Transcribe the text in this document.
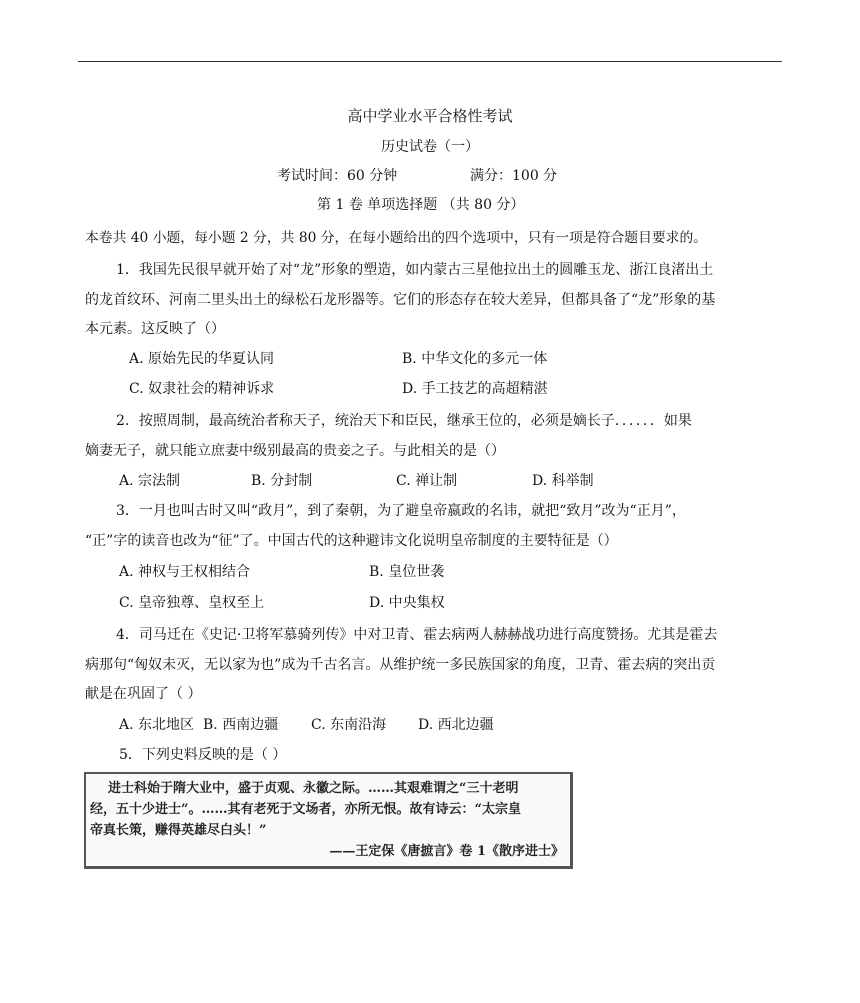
高中学业水平合格性考试
历史试卷（一）
考试时间：60 分钟	满分：100 分
第 1 卷 单项选择题 （共 80 分）
本卷共 40 小题，每小题 2 分，共 80 分，在每小题给出的四个选项中，只有一项是符合题目要求的。
1．我国先民很早就开始了对“龙”形象的塑造，如内蒙古三星他拉出土的圆雕玉龙、浙江良渚出土
的龙首纹环、河南二里头出土的绿松石龙形器等。它们的形态存在较大差异，但都具备了“龙”形象的基
本元素。这反映了（）
A. 原始先民的华夏认同	B. 中华文化的多元一体
C. 奴隶社会的精神诉求	D. 手工技艺的高超精湛
2．按照周制，最高统治者称天子，统治天下和臣民，继承王位的，必须是嫡长子．．．．．．如果
嫡妻无子，就只能立庶妻中级别最高的贵妾之子。与此相关的是（）
A. 宗法制	B. 分封制	C. 禅让制	D. 科举制
3．一月也叫古时又叫“政月”，到了秦朝，为了避皇帝嬴政的名讳，就把“致月”改为“正月”，
“正”字的读音也改为“征”了。中国古代的这种避讳文化说明皇帝制度的主要特征是（）
A. 神权与王权相结合	B. 皇位世袭
C. 皇帝独尊、皇权至上	D. 中央集权
4．司马迁在《史记·卫将军慕骑列传》中对卫青、霍去病两人赫赫战功进行高度赞扬。尤其是霍去
病那句“匈奴未灭，无以家为也”成为千古名言。从维护统一多民族国家的角度，卫青、霍去病的突出贡
献是在巩固了（ ）
A. 东北地区 B. 西南边疆 C. 东南沿海 D. 西北边疆
5．下列史料反映的是（ ）
进士科始于隋大业中，盛于贞观、永徽之际。……其艰难谓之“三十老明
经，五十少进士”。……其有老死于文场者，亦所无恨。故有诗云：“太宗皇
帝真长策，赚得英雄尽白头！”
——王定保《唐摭言》卷 1《散序进士》
